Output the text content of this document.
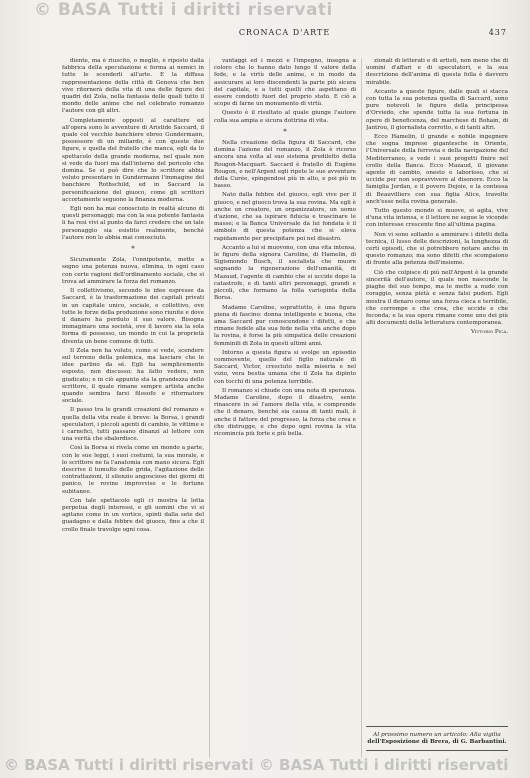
© BASA Tutti i diritti riservati
CRONACA D'ARTE	437

diente, ma è riuscito, o meglio, è riposto dalla fabbrica della speculazione e forma ai nemici in tutte le scenderli all'arte. E la diffusa rappresentazione della città di Genova che ben vive ritornerà della vita di una delle figure dei quadri del Zola, nella fantasia delle quali tutto il mondo delle anime che nel celebrato romanzo l'autore con gli altri.

Completamente opposti al carattere ed all'opera sono le avventure di Aristide Saccard, il quale col vecchio banchiere ebreo Gundermann, possessore di un miliardo, è con queste due figure, e quella del fratello che manca, egli da lo spettacolo della grande moderna, nel quale non si vede da fuori ma dall'interno del pericolo che domina. Se si può dire che lo scrittore abbia voluto presentare in Gundermann l'immagine del banchiere Rothschild, ed in Saccard la personificazione del giuoco, come gli scrittori accortamente seguono la finanza moderna.

Egli non ha mai conosciuto in realtà alcuno di questi personaggi; ma con la sua potente fantasia li ha resi vivi al punto da farci credere che un tale personaggio sia esistito realmente, benché l'autore non lo abbia mai conosciuto.

*

Sicuramente Zola, l'onnipotente, mette a segno una potenza nuova, elimina, in ogni caso con certe ragioni dell'ordinamento sociale, che si trova ad ammirare la forza del romanzo.

Il collettivismo, secondo le idee espresse da Saccard, è la trasformazione dei capitali privati in un capitale unico, sociale, e collettivo, ove tutte le forze della produzione sono riunite e dove il danaro ha perduto il suo valore. Bisogna immaginare una società, ove il lavoro sia la sola forma di possesso, un mondo in cui la proprietà diventa un bene comune di tutti.

Il Zola non ha voluto, come si vede, scendere sul terreno della polemica, ma lasciare che le idee parlino da sé. Egli ha semplicemente esposto, non discusso; ha fatto vedere, non giudicato; e in ciò appunto sta la grandezza dello scrittore, il quale rimane sempre artista anche quando sembra farsi filosofo e riformatore sociale.

Il passo tra le grandi creazioni del romanzo e quella della vita reale è breve: la Borsa, i grandi speculatori, i piccoli agenti di cambio, le vittime e i carnefici, tutti passano dinanzi al lettore con una verità che sbalordisce.

Così la Borsa si rivela come un mondo a parte, con le sue leggi, i suoi costumi, la sua morale, e lo scrittore ne fa l'anatomia con mano sicura. Egli descrive il tumulto delle grida, l'agitazione delle contrattazioni, il silenzio angoscioso dei giorni di panico, le rovine improvvise e le fortune subitanee.

Con tale spettacolo egli ci mostra la lotta perpetua degli interessi, e gli uomini che vi si agitano come in un vortice, spinti dalla sete del guadagno e dalla febbre del giuoco, fino a che il crollo finale travolge ogni cosa.

vantaggi ed i mezzi e l'impegno, insegna a coloro che lo hanno dato lungo il valore della fede, e la virtù delle anime, e in modo da assicurare ai loro discendenti la parte più sicura del capitale, e a tutti quelli che aspettano di essere condotti fuori del proprio stato. E ciò a scopo di farne un monumento di virtù.

Questo è il risultato al quale giunge l'autore colla sua ampia e sicura dottrina di vita.

*

Nella creazione della figura di Saccard, che domina l'azione del romanzo, il Zola è ricorso ancora una volta al suo sistema prediletto della Rougon-Macquart. Saccard è fratello di Eugène Rougon, e nell'Argent egli ripete le sue avventure della Curée, spingendosi più in alto, e poi più in basso.

Nato dalla febbre del giuoco, egli vive per il giuoco, e nel giuoco trova la sua rovina. Ma egli è anche un creatore, un organizzatore, un uomo d'azione, che sa ispirare fiducia e trascinare le masse; e la Banca Universale da lui fondata è il simbolo di questa potenza che si eleva rapidamente per precipitare poi nel disastro.

Accanto a lui si muovono, con una vita intensa, le figure della signora Caroline, di Hamelin, di Sigismondo Busch, il socialista che muore sognando la rigenerazione dell'umanità, di Mazaud, l'agente di cambio che si uccide dopo la catastrofe, e di tanti altri personaggi, grandi e piccoli, che formano la folla variopinta della Borsa.

Madame Caroline, soprattutto, è una figura piena di fascino: donna intelligente e buona, che ama Saccard pur conoscendone i difetti, e che rimane fedele alla sua fede nella vita anche dopo la rovina, è forse la più simpatica delle creazioni femminili di Zola in questi ultimi anni.

Intorno a questa figura si svolge un episodio commovente, quello del figlio naturale di Saccard, Victor, cresciuto nella miseria e nel vizio, vera bestia umana che il Zola ha dipinto con tocchi di una potenza terribile.

Il romanzo si chiude con una nota di speranza. Madame Caroline, dopo il disastro, sente rinascere in sé l'amore della vita, e comprende che il denaro, benché sia causa di tanti mali, è anche il fattore del progresso, la forza che crea e che distrugge, e che dopo ogni rovina la vita ricomincia più forte e più bella.

zionali di letterati e di artisti, non meno che di uomini d'affari e di speculatori, e la sua descrizione dell'anima di questa folla è davvero mirabile.

Accanto a queste figure, dalle quali si stacca con tutta la sua potenza quella di Saccard, sono pure notevoli le figure della principessa d'Orviedo, che spende tutta la sua fortuna in opere di beneficenza, del marchese di Bohain, di Jantrou, il giornalista corrotto, e di tanti altri.

Ecco Hamelin, il grande e nobile ingegnere che sogna imprese gigantesche in Oriente, l'Universale della ferrovia e della navigazione del Mediterraneo, e vede i suoi progetti finire nel crollo della Banca. Ecco Mazaud, il giovane agente di cambio, onesto e laborioso, che si uccide per non sopravvivere al disonore. Ecco la famiglia Jordan, e il povero Dejoie, e la contessa di Beauvilliers con sua figlia Alice, travolte anch'esse nella rovina generale.

Tutto questo mondo si muove, si agita, vive d'una vita intensa, e il lettore ne segue le vicende con interesse crescente fino all'ultima pagina.

Non vi sono soltanto a ammirare i difetti della tecnica, il lusso delle descrizioni, la lunghezza di certi episodi, che si potrebbero notare anche in questo romanzo; ma sono difetti che scompaiono di fronte alla potenza dell'insieme.

Ciò che colpisce di più nell'Argent è la grande sincerità dell'autore, il quale non nasconde le piaghe del suo tempo, ma le mette a nudo con coraggio, senza pietà e senza falsi pudori. Egli mostra il denaro come una forza cieca e terribile, che corrompe e che crea, che uccide e che feconda; e la sua opera rimane come uno dei più alti documenti della letteratura contemporanea.

Vittorio Pica.

Al prossimo numero un articolo: Alla vigilia
dell'Esposizione di Brera, di G. Barbantini.
© BASA Tutti i diritti riservati © BASA Tutti i diritti riservati
